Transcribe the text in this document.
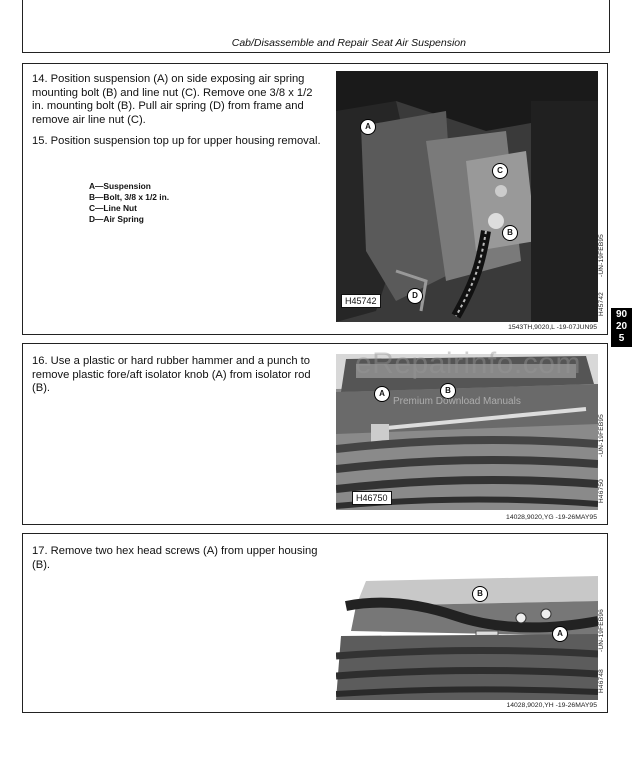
Cab/Disassemble and Repair Seat Air Suspension

14. Position suspension (A) on side exposing air spring mounting bolt (B) and line nut (C). Remove one 3/8 x 1/2 in. mounting bolt (B). Pull air spring (D) from frame and remove air line nut (C).

15. Position suspension top up for upper housing removal.

A—Suspension
B—Bolt, 3/8 x 1/2 in.
C—Line Nut
D—Air Spring
A
C
B
D
H45742
-UN-19FEB95
H45742
1543TH,9020,L -19-07JUN95
90
20
5

16. Use a plastic or hard rubber hammer and a punch to remove plastic fore/aft isolator knob (A) from isolator rod (B).	A	B
H46750
-UN-19FEB95
H46750
14028,9020,YG -19-26MAY95
eRepairinfo.com
Premium Download Manuals

17. Remove two hex head screws (A) from upper housing (B).

B
A	-UN-19FEB96
H46748
14028,9020,YH -19-26MAY95
